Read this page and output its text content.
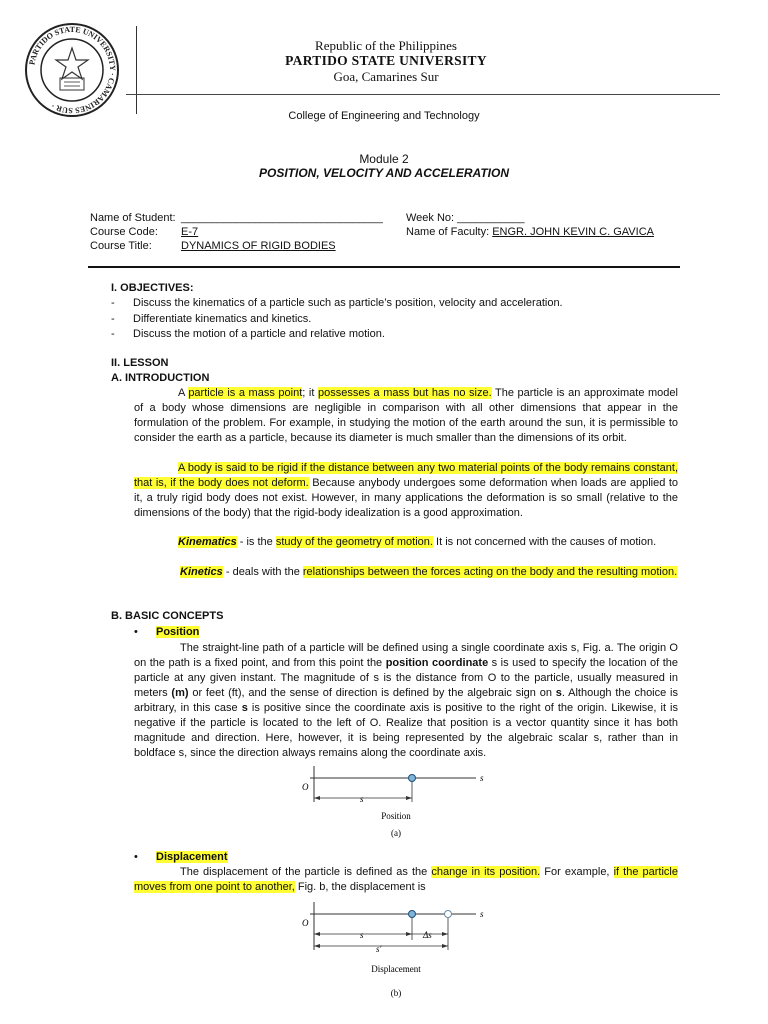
PARTIDO STATE UNIVERSITY · CAMARINES SUR ·
Republic of the Philippines
PARTIDO STATE UNIVERSITY
Goa, Camarines Sur
College of Engineering and Technology
Module 2
POSITION, VELOCITY AND ACCELERATION
Name of Student:
Course Code:
Course Title:
_________________________________
E-7
DYNAMICS OF RIGID BODIES
Week No: ___________
Name of Faculty: ENGR. JOHN KEVIN C. GAVICA
I. OBJECTIVES:
- Discuss the kinematics of a particle such as particle’s position, velocity and acceleration.
- Differentiate kinematics and kinetics.
- Discuss the motion of a particle and relative motion.
II. LESSON
A. INTRODUCTION

A particle is a mass point; it possesses a mass but has no size. The particle is an approximate model of a body whose dimensions are negligible in comparison with all other dimensions that appear in the formulation of the problem. For example, in studying the motion of the earth around the sun, it is permissible to consider the earth as a particle, because its diameter is much smaller than the dimensions of its orbit.

A body is said to be rigid if the distance between any two material points of the body remains constant, that is, if the body does not deform. Because anybody undergoes some deformation when loads are applied to it, a truly rigid body does not exist. However, in many applications the deformation is so small (relative to the dimensions of the body) that the rigid-body idealization is a good approximation.

Kinematics - is the study of the geometry of motion. It is not concerned with the causes of motion.

Kinetics - deals with the relationships between the forces acting on the body and the resulting motion.

B. BASIC CONCEPTS
• Position

The straight-line path of a particle will be defined using a single coordinate axis s, Fig. a. The origin O on the path is a fixed point, and from this point the position coordinate s is used to specify the location of the particle at any given instant. The magnitude of s is the distance from O to the particle, usually measured in meters (m) or feet (ft), and the sense of direction is defined by the algebraic sign on s. Although the choice is arbitrary, in this case s is positive since the coordinate axis is positive to the right of the origin. Likewise, it is negative if the particle is located to the left of O. Realize that position is a vector quantity since it has both magnitude and direction. Here, however, it is being represented by the algebraic scalar s, rather than in boldface s, since the direction always remains along the coordinate axis.

O
s
s
Position
(a)
• Displacement

The displacement of the particle is defined as the change in its position. For example, if the particle moves from one point to another, Fig. b, the displacement is

O
s
s	Δs
s′
Displacement
(b)
